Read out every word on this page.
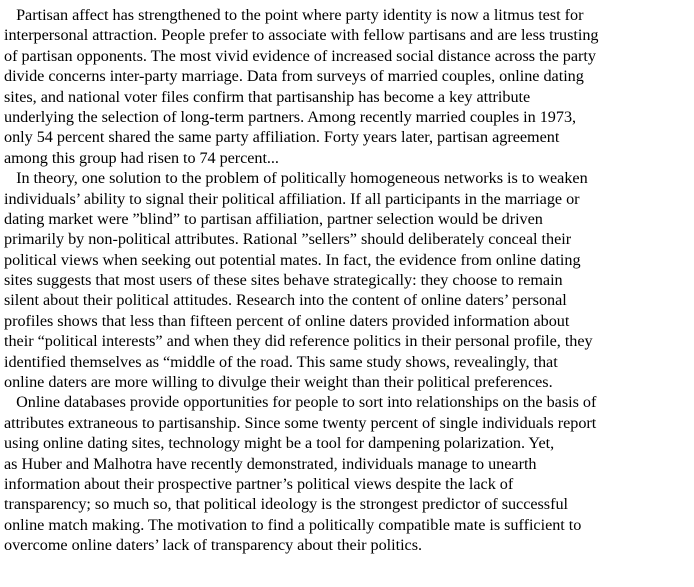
Partisan affect has strengthened to the point where party identity is now a litmus test for
interpersonal attraction. People prefer to associate with fellow partisans and are less trusting
of partisan opponents. The most vivid evidence of increased social distance across the party
divide concerns inter-party marriage. Data from surveys of married couples, online dating
sites, and national voter files confirm that partisanship has become a key attribute
underlying the selection of long-term partners. Among recently married couples in 1973,
only 54 percent shared the same party affiliation. Forty years later, partisan agreement
among this group had risen to 74 percent...
In theory, one solution to the problem of politically homogeneous networks is to weaken
individuals’ ability to signal their political affiliation. If all participants in the marriage or
dating market were ”blind” to partisan affiliation, partner selection would be driven
primarily by non-political attributes. Rational ”sellers” should deliberately conceal their
political views when seeking out potential mates. In fact, the evidence from online dating
sites suggests that most users of these sites behave strategically: they choose to remain
silent about their political attitudes. Research into the content of online daters’ personal
profiles shows that less than fifteen percent of online daters provided information about
their “political interests” and when they did reference politics in their personal profile, they
identified themselves as “middle of the road. This same study shows, revealingly, that
online daters are more willing to divulge their weight than their political preferences.
Online databases provide opportunities for people to sort into relationships on the basis of
attributes extraneous to partisanship. Since some twenty percent of single individuals report
using online dating sites, technology might be a tool for dampening polarization. Yet,
as Huber and Malhotra have recently demonstrated, individuals manage to unearth
information about their prospective partner’s political views despite the lack of
transparency; so much so, that political ideology is the strongest predictor of successful
online match making. The motivation to find a politically compatible mate is sufficient to
overcome online daters’ lack of transparency about their politics.
